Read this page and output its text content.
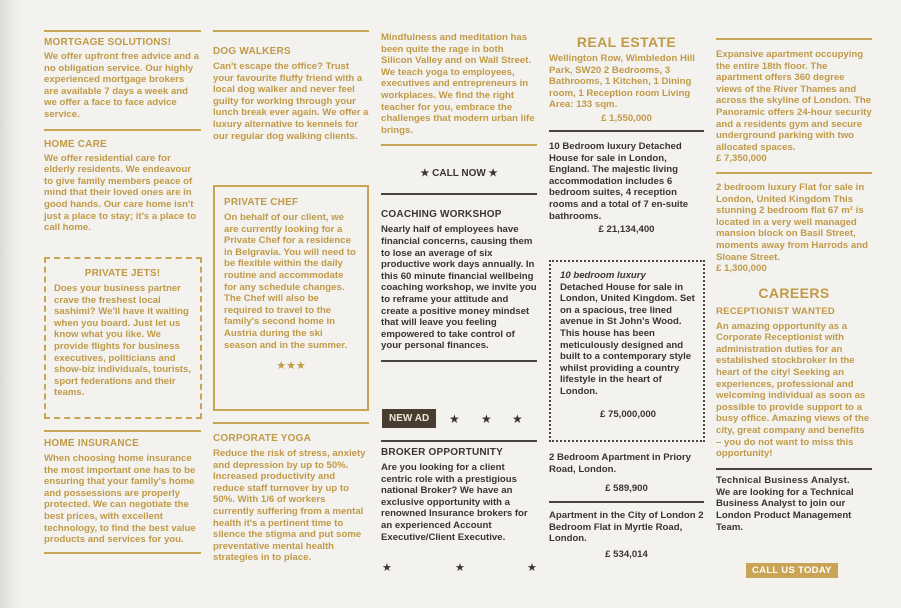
MORTGAGE SOLUTIONS!
We offer upfront free advice and a no obligation service. Our highly experienced mortgage brokers are available 7 days a week and we offer a face to face advice service.
HOME CARE
We offer residential care for elderly residents. We endeavour to give family members peace of mind that their loved ones are in good hands. Our care home isn't just a place to stay; it's a place to call home.
PRIVATE JETS!
Does your business partner crave the freshest local sashimi? We'll have it waiting when you board. Just let us know what you like. We provide flights for business executives, politicians and show-biz individuals, tourists, sport federations and their teams.
HOME INSURANCE
When choosing home insurance the most important one has to be ensuring that your family's home and possessions are properly protected. We can negotiate the best prices, with excellent technology, to find the best value products and services for you.
DOG WALKERS
Can't escape the office? Trust your favourite fluffy friend with a local dog walker and never feel guilty for working through your lunch break ever again. We offer a luxury alternative to kennels for our regular dog walking clients.
PRIVATE CHEF
On behalf of our client, we are currently looking for a Private Chef for a residence in Belgravia. You will need to be flexible within the daily routine and accommodate for any schedule changes.
The Chef will also be required to travel to the family's second home in Austria during the ski season and in the summer.
★★★
CORPORATE YOGA
Reduce the risk of stress, anxiety and depression by up to 50%. Increased productivity and reduce staff turnover by up to 50%. With 1/6 of workers currently suffering from a mental health it's a pertinent time to silence the stigma and put some preventative mental health strategies in to place.
Mindfulness and meditation has been quite the rage in both Silicon Valley and on Wall Street. We teach yoga to employees, executives and entrepreneurs in workplaces. We find the right teacher for you, embrace the challenges that modern urban life brings.
★ CALL NOW ★
COACHING WORKSHOP
Nearly half of employees have financial concerns, causing them to lose an average of six productive work days annually. In this 60 minute financial wellbeing coaching workshop, we invite you to reframe your attitude and create a positive money mindset that will leave you feeling empowered to take control of your personal finances.
NEW AD	★ ★ ★
BROKER OPPORTUNITY
Are you looking for a client centric role with a prestigious national Broker? We have an exclusive opportunity with a renowned Insurance brokers for an experienced Account Executive/Client Executive.
★	★	★
REAL ESTATE
Wellington Row, Wimbledon Hill Park, SW20 2 Bedrooms, 3 Bathrooms, 1 Kitchen, 1 Dining room, 1 Reception room Living Area: 133 sqm.
£ 1,550,000
10 Bedroom luxury Detached House for sale in London, England. The majestic living accommodation includes 6 bedroom suites, 4 reception rooms and a total of 7 en-suite bathrooms.
£ 21,134,400
10 bedroom luxury
Detached House for sale in London, United Kingdom. Set on a spacious, tree lined avenue in St John's Wood. This house has been meticulously designed and built to a contemporary style whilst providing a country lifestyle in the heart of London.
£ 75,000,000
2 Bedroom Apartment in Priory Road, London.
£ 589,900
Apartment in the City of London 2 Bedroom Flat in Myrtle Road, London.
£ 534,014
Expansive apartment occupying the entire 18th floor. The apartment offers 360 degree views of the River Thames and across the skyline of London. The Panoramic offers 24-hour security and a residents gym and secure underground parking with two allocated spaces.
£ 7,350,000
2 bedroom luxury Flat for sale in London, United Kingdom This stunning 2 bedroom flat 67 m² is located in a very well managed mansion block on Basil Street, moments away from Harrods and Sloane Street.
£ 1,300,000
CAREERS
RECEPTIONIST WANTED
An amazing opportunity as a Corporate Receptionist with administration duties for an established stockbroker in the heart of the city! Seeking an experiences, professional and welcoming individual as soon as possible to provide support to a busy office. Amazing views of the city, great company and benefits – you do not want to miss this opportunity!
Technical Business Analyst.
We are looking for a Technical Business Analyst to join our London Product Management Team.
CALL US TODAY
